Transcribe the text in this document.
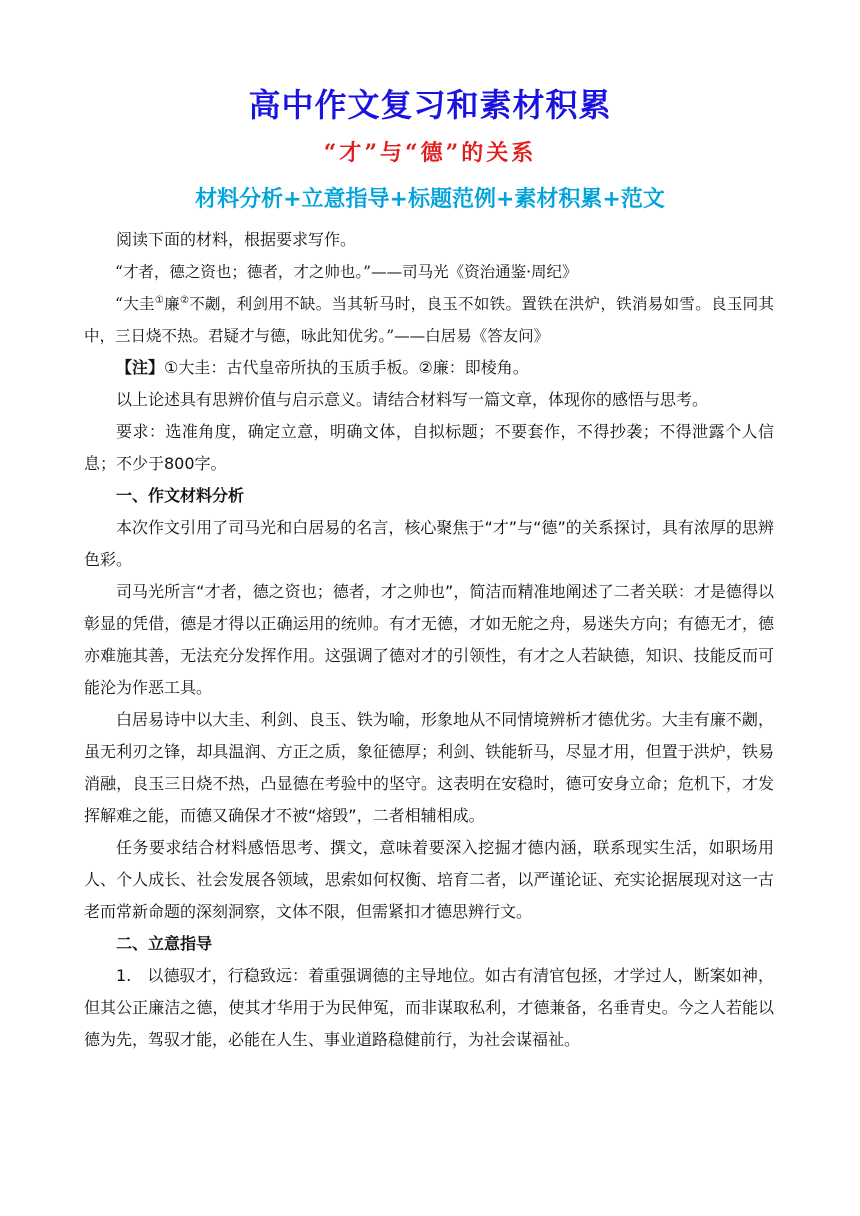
高中作文复习和素材积累
“才”与“德”的关系
材料分析+立意指导+标题范例+素材积累+范文

阅读下面的材料，根据要求写作。

“才者，德之资也；德者，才之帅也。”——司马光《资治通鉴·周纪》

“大圭①廉②不劌，利剑用不缺。当其斩马时，良玉不如铁。置铁在洪炉，铁消易如雪。良玉同其中，三日烧不热。君疑才与德，咏此知优劣。”——白居易《答友问》

【注】①大圭：古代皇帝所执的玉质手板。②廉：即棱角。

以上论述具有思辨价值与启示意义。请结合材料写一篇文章，体现你的感悟与思考。

要求：选准角度，确定立意，明确文体，自拟标题；不要套作，不得抄袭；不得泄露个人信息；不少于800字。

一、作文材料分析

本次作文引用了司马光和白居易的名言，核心聚焦于“才”与“德”的关系探讨，具有浓厚的思辨色彩。

司马光所言“才者，德之资也；德者，才之帅也”，简洁而精准地阐述了二者关联：才是德得以彰显的凭借，德是才得以正确运用的统帅。有才无德，才如无舵之舟，易迷失方向；有德无才，德亦难施其善，无法充分发挥作用。这强调了德对才的引领性，有才之人若缺德，知识、技能反而可能沦为作恶工具。

白居易诗中以大圭、利剑、良玉、铁为喻，形象地从不同情境辨析才德优劣。大圭有廉不劌，虽无利刃之锋，却具温润、方正之质，象征德厚；利剑、铁能斩马，尽显才用，但置于洪炉，铁易消融，良玉三日烧不热，凸显德在考验中的坚守。这表明在安稳时，德可安身立命；危机下，才发挥解难之能，而德又确保才不被“熔毁”，二者相辅相成。

任务要求结合材料感悟思考、撰文，意味着要深入挖掘才德内涵，联系现实生活，如职场用人、个人成长、社会发展各领域，思索如何权衡、培育二者，以严谨论证、充实论据展现对这一古老而常新命题的深刻洞察，文体不限，但需紧扣才德思辨行文。

二、立意指导

1.　以德驭才，行稳致远：着重强调德的主导地位。如古有清官包拯，才学过人，断案如神，但其公正廉洁之德，使其才华用于为民伸冤，而非谋取私利，才德兼备，名垂青史。今之人若能以德为先，驾驭才能，必能在人生、事业道路稳健前行，为社会谋福祉。
